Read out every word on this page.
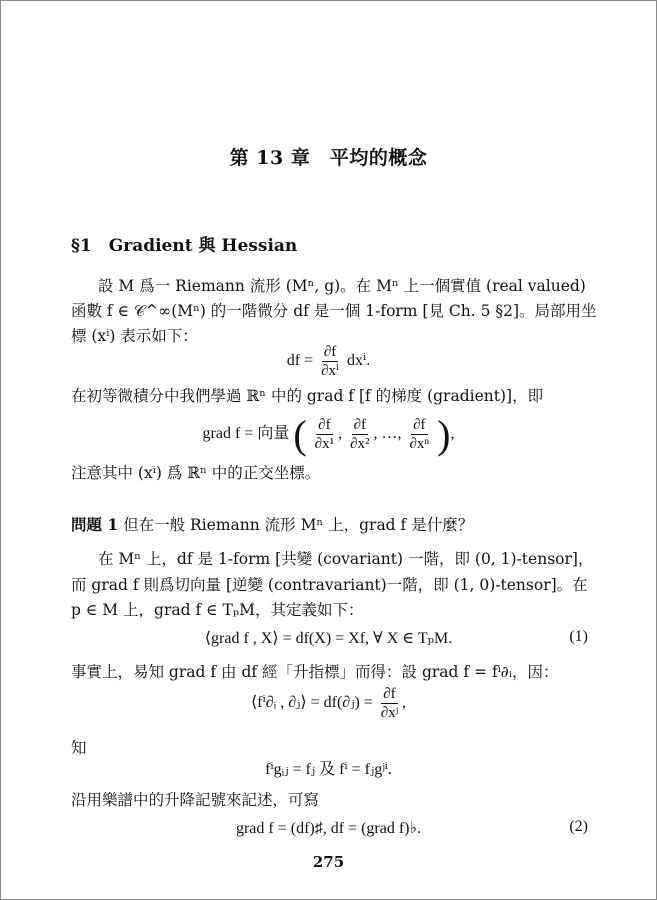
第 13 章　平均的概念
§1　Gradient 與 Hessian
設 M 爲一 Riemann 流形 (Mⁿ, g)。在 Mⁿ 上一個實值 (real valued)
函數 f ∈ 𝒞^∞(Mⁿ) 的一階微分 df 是一個 1-form [見 Ch. 5 §2]。局部用坐
標 (xⁱ) 表示如下：
df = $\frac{\partial f}{\text{∂xⁱ}} dx^i$.
在初等微積分中我們學過 ℝⁿ 中的 grad f [f 的梯度 (gradient)]，即
grad f = 向量 ( $\frac{\partial f}{\text{∂x¹}}$ , $\frac{\partial f}{\text{∂x²}}$ , …, $\frac{\partial f}{\text{∂xⁿ}}$ ),
注意其中 (xⁱ) 爲 ℝⁿ 中的正交坐標。
問題 1 但在一般 Riemann 流形 Mⁿ 上，grad f 是什麼？
在 Mⁿ 上，df 是 1-form [共變 (covariant) 一階，即 (0, 1)-tensor]，
而 grad f 則爲切向量 [逆變 (contravariant)一階，即 (1, 0)-tensor]。在
p ∈ M 上，grad f ∈ TₚM，其定義如下：
⟨grad f , X⟩ = df(X) = Xf, ∀ X ∈ TₚM.	(1)
事實上，易知 grad f 由 df 經「升指標」而得：設 grad f = fⁱ∂ᵢ，因：
⟨fⁱ∂ᵢ , ∂ⱼ⟩ = df(∂ⱼ) = $\frac{\partial f}{\text{∂xʲ}}$ ,
知
fⁱgᵢⱼ = fⱼ 及 fⁱ = fⱼgʲⁱ.
沿用樂譜中的升降記號來記述，可寫
grad f = (df)♯, df = (grad f)♭.	(2)
275
